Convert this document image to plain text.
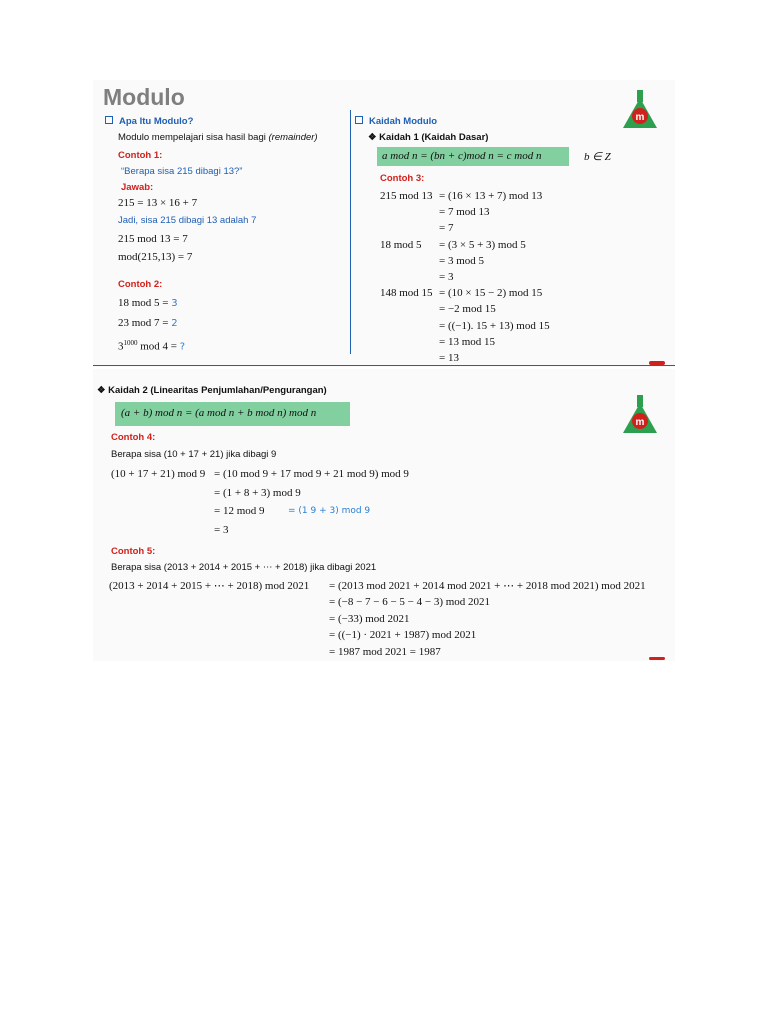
Modulo
Apa Itu Modulo?
Modulo mempelajari sisa hasil bagi (remainder)
Contoh 1:
“Berapa sisa 215 dibagi 13?”
Jawab:
215 = 13 × 16 + 7
Jadi, sisa 215 dibagi 13 adalah 7
215 mod 13 = 7
mod(215,13) = 7
Contoh 2:
18 mod 5 = 3
23 mod 7 = 2
$3^{1000}$ mod 4 = ?
Kaidah Modulo
❖ Kaidah 1 (Kaidah Dasar)
a mod n = (bn + c)mod n = c mod n	b ∈ Z
Contoh 3:
m
215 mod 13 = (16 × 13 + 7) mod 13
= 7 mod 13
= 7
18 mod 5 = (3 × 5 + 3) mod 5
= 3 mod 5
= 3
148 mod 15 = (10 × 15 − 2) mod 15
= −2 mod 15
= ((−1). 15 + 13) mod 15
= 13 mod 15
= 13
❖ Kaidah 2 (Linearitas Penjumlahan/Pengurangan)
(a + b) mod n = (a mod n + b mod n) mod n
Contoh 4:
Berapa sisa (10 + 17 + 21) jika dibagi 9
(10 + 17 + 21) mod 9
= (1 9 + 3) mod 9
Contoh 5:
Berapa sisa (2013 + 2014 + 2015 + ⋯ + 2018) jika dibagi 2021
(2013 + 2014 + 2015 + ⋯ + 2018) mod 2021
m
= (10 mod 9 + 17 mod 9 + 21 mod 9) mod 9
= (1 + 8 + 3) mod 9
= 12 mod 9
= 3
= (2013 mod 2021 + 2014 mod 2021 + ⋯ + 2018 mod 2021) mod 2021
= (−8 − 7 − 6 − 5 − 4 − 3) mod 2021
= (−33) mod 2021
= ((−1) · 2021 + 1987) mod 2021
= 1987 mod 2021 = 1987
